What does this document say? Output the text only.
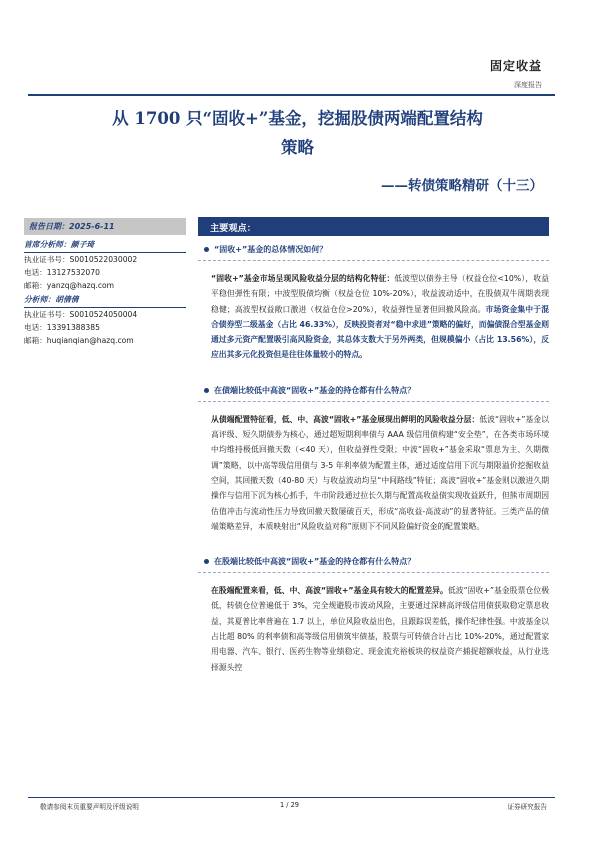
固定收益
深度报告
从 1700 只“固收+”基金，挖掘股债两端配置结构
策略
——转债策略精研（十三）
报告日期：2025-6-11
首席分析师：颜子琦
执业证书号：S0010522030002
电话：13127532070
邮箱：yanzq@hazq.com
分析师：胡倩倩
执业证书号：S0010524050004
电话：13391388385
邮箱：huqianqian@hazq.com
主要观点：
“固收+”基金的总体情况如何？
“固收+”基金市场呈现风险收益分层的结构化特征：低波型以债券主导（权益仓位<10%），收益平稳但弹性有限；中波型股债均衡（权益仓位 10%-20%），收益波动适中，在股债双牛周期表现稳健；高波型权益敞口激进（权益仓位>20%），收益弹性显著但回撤风险高。市场资金集中于混合债券型二级基金（占比 46.33%），反映投资者对“稳中求进”策略的偏好，而偏债混合型基金则通过多元资产配置吸引高风险资金，其总体支数大于另外两类，但规模偏小（占比 13.56%），反应出其多元化投资但是往往体量较小的特点。
在债端比较低中高波“固收+”基金的持仓都有什么特点？
从债端配置特征看，低、中、高波“固收+”基金展现出鲜明的风险收益分层：低波“固收+”基金以高评级、短久期债券为核心，通过超短期利率债与 AAA 级信用债构建“安全垫”，在各类市场环境中均维持极低回撤天数（<40 天），但收益弹性受限；中波“固收+”基金采取“票息为主、久期微调”策略，以中高等级信用债与 3-5 年利率债为配置主体，通过适度信用下沉与期限溢价挖掘收益空间，其回撤天数（40-80 天）与收益波动均呈“中间路线”特征；高波“固收+”基金则以激进久期操作与信用下沉为核心抓手，牛市阶段通过拉长久期与配置高收益债实现收益跃升，但熊市周期因估值冲击与流动性压力导致回撤天数屡破百天，形成“高收益-高波动”的显著特征。三类产品的债端策略差异，本质映射出“风险收益对称”原则下不同风险偏好资金的配置策略。
在股端比较低中高波“固收+”基金的持仓都有什么特点？
在股端配置来看，低、中、高波“固收+”基金具有较大的配置差异。低波“固收+”基金股票仓位极低，转债仓位普遍低于 3%，完全规避股市波动风险，主要通过深耕高评级信用债获取稳定票息收益，其夏普比率普遍在 1.7 以上，单位风险收益出色，且跟踪误差低，操作纪律性强。中波基金以占比超 80% 的利率债和高等级信用债筑牢债基，股票与可转债合计占比 10%-20%，通过配置家用电器、汽车、银行、医药生物等业绩稳定、现金流充裕板块的权益资产捕捉超额收益，从行业选择源头控
敬请参阅末页重要声明及评级说明	1 / 29	证券研究报告
